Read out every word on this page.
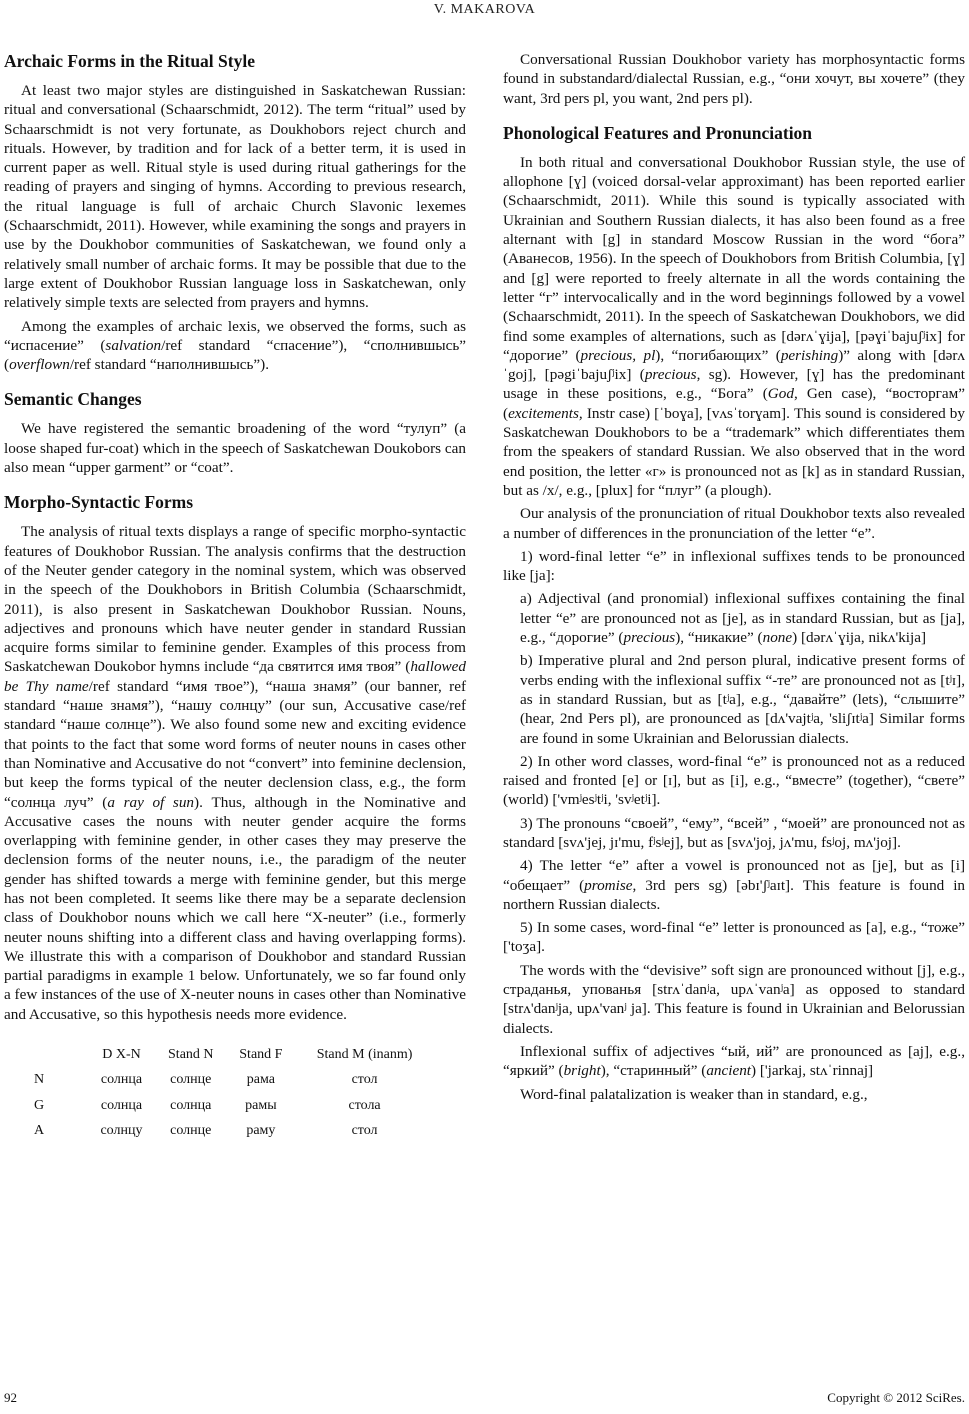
V. MAKAROVA
Archaic Forms in the Ritual Style

At least two major styles are distinguished in Saskatchewan Russian: ritual and conversational (Schaarschmidt, 2012). The term “ritual” used by Schaarschmidt is not very fortunate, as Doukhobors reject church and rituals. However, by tradition and for lack of a better term, it is used in current paper as well. Ritual style is used during ritual gatherings for the reading of prayers and singing of hymns. According to previous research, the ritual language is full of archaic Church Slavonic lexemes (Schaarschmidt, 2011). However, while examining the songs and prayers in use by the Doukhobor communities of Saskatchewan, we found only a relatively small number of archaic forms. It may be possible that due to the large extent of Doukhobor Russian language loss in Saskatchewan, only relatively simple texts are selected from prayers and hymns.

Among the examples of archaic lexis, we observed the forms, such as “испасение” (salvation/ref standard “спасение”), “сполнившысь” (overflown/ref standard “наполнившысь”).

Semantic Changes

We have registered the semantic broadening of the word “тулуп” (a loose shaped fur-coat) which in the speech of Saskatchewan Doukobors can also mean “upper garment” or “coat”.

Morpho-Syntactic Forms

The analysis of ritual texts displays a range of specific morpho-syntactic features of Doukhobor Russian. The analysis confirms that the destruction of the Neuter gender category in the nominal system, which was observed in the speech of the Doukhobors in British Columbia (Schaarschmidt, 2011), is also present in Saskatchewan Doukhobor Russian. Nouns, adjectives and pronouns which have neuter gender in standard Russian acquire forms similar to feminine gender. Examples of this process from Saskatchewan Doukobor hymns include “да святится имя твоя” (hallowed be Thy name/ref standard “имя твое”), “наша знамя” (our banner, ref standard “наше знамя”), “нашу солнцу” (our sun, Accusative case/ref standard “наше солнце”). We also found some new and exciting evidence that points to the fact that some word forms of neuter nouns in cases other than Nominative and Accusative do not “convert” into feminine declension, but keep the forms typical of the neuter declension class, e.g., the form “солнца луч” (a ray of sun). Thus, although in the Nominative and Accusative cases the nouns with neuter gender acquire the forms overlapping with feminine gender, in other cases they may preserve the declension forms of the neuter nouns, i.e., the paradigm of the neuter gender has shifted towards a merge with feminine gender, but this merge has not been completed. It seems like there may be a separate declension class of Doukhobor nouns which we call here “X-neuter” (i.e., formerly neuter nouns shifting into a different class and having overlapping forms). We illustrate this with a comparison of Doukhobor and standard Russian partial paradigms in example 1 below. Unfortunately, we so far found only a few instances of the use of X-neuter nouns in cases other than Nominative and Accusative, so this hypothesis needs more evidence.

	D X-N	Stand N	Stand F	Stand M (inanm)
N	солнца	солнце	рама	стол
G	солнца	солнца	рамы	стола
A	солнцу	солнце	раму	стол

Conversational Russian Doukhobor variety has morphosyntactic forms found in substandard/dialectal Russian, e.g., “они хочут, вы хочете” (they want, 3rd pers pl, you want, 2nd pers pl).

Phonological Features and Pronunciation

In both ritual and conversational Doukhobor Russian style, the use of allophone [ɣ] (voiced dorsal-velar approximant) has been reported earlier (Schaarschmidt, 2011). While this sound is typically associated with Ukrainian and Southern Russian dialects, it has also been found as a free alternant with [g] in standard Moscow Russian in the word “бога” (Аванесов, 1956). In the speech of Doukhobors from British Columbia, [ɣ] and [g] were reported to freely alternate in all the words containing the letter “г” intervocalically and in the word beginnings followed by a vowel (Schaarschmidt, 2011). In the speech of Saskatchewan Doukhobors, we did find some examples of alternations, such as [dərʌˈɣija], [pəɣiˈbajuʃʲix] for “дорогие” (precious, pl), “погибающих” (perishing)” along with [dərʌˈgoj], [pəgiˈbajuʃʲix] (precious, sg). However, [ɣ] has the predominant usage in these positions, e.g., “Бога” (God, Gen case), “восторгам” (excitements, Instr case) [ˈboɣa], [vʌsˈtorɣam]. This sound is considered by Saskatchewan Doukhobors to be a “trademark” which differentiates them from the speakers of standard Russian. We also observed that in the word end position, the letter «г» is pronounced not as [k] as in standard Russian, but as /x/, e.g., [plux] for “плуг” (a plough).

Our analysis of the pronunciation of ritual Doukhobor texts also revealed a number of differences in the pronunciation of the letter “е”.

1) word-final letter “е” in inflexional suffixes tends to be pronounced like [ja]:

a) Adjectival (and pronomial) inflexional suffixes containing the final letter “е” are pronounced not as [je], as in standard Russian, but as [ja], e.g., “дорогие” (precious), “никакие” (none) [dərʌˈɣija, nikʌ'kija]

b) Imperative plural and 2nd person plural, indicative present forms of verbs ending with the inflexional suffix “-те” are pronounced not as [tʲɪ], as in standard Russian, but as [tʲa], e.g., “давайте” (lets), “слышите” (hear, 2nd Pers pl), are pronounced as [dʌ'vajtʲa, 'sliʃɪtʲa] Similar forms are found in some Ukrainian and Belorussian dialects.

2) In other word classes, word-final “е” is pronounced not as a reduced raised and fronted [е] or [ɪ], but as [i], e.g., “вместе” (together), “свете” (world) ['vmʲesʲtʲi, 'svʲetʲi].

3) The pronouns “своей”, “ему”, “всей” , “моей” are pronounced not as standard [svʌ'jej, jɪ'mu, fʲsʲej], but as [svʌ'joj, jʌ'mu, fsʲoj, mʌ'joj].

4) The letter “е” after a vowel is pronounced not as [je], but as [i] “обещает” (promise, 3rd pers sg) [əbɪ'ʃʲaɪt]. This feature is found in northern Russian dialects.

5) In some cases, word-final “е” letter is pronounced as [a], e.g., “тоже” ['toʒa].

The words with the “devisive” soft sign are pronounced without [j], e.g., страданья, упованья [strʌˈdanʲa, upʌˈvanʲa] as opposed to standard [strʌ'danʲja, upʌ'vanʲ ja]. This feature is found in Ukrainian and Belorussian dialects.

Inflexional suffix of adjectives “ый, ий” are pronounced as [aj], e.g., “яркий” (bright), “старинный” (ancient) ['jarkaj, stʌˈrinnaj]

Word-final palatalization is weaker than in standard, e.g.,

92	Copyright © 2012 SciRes.
